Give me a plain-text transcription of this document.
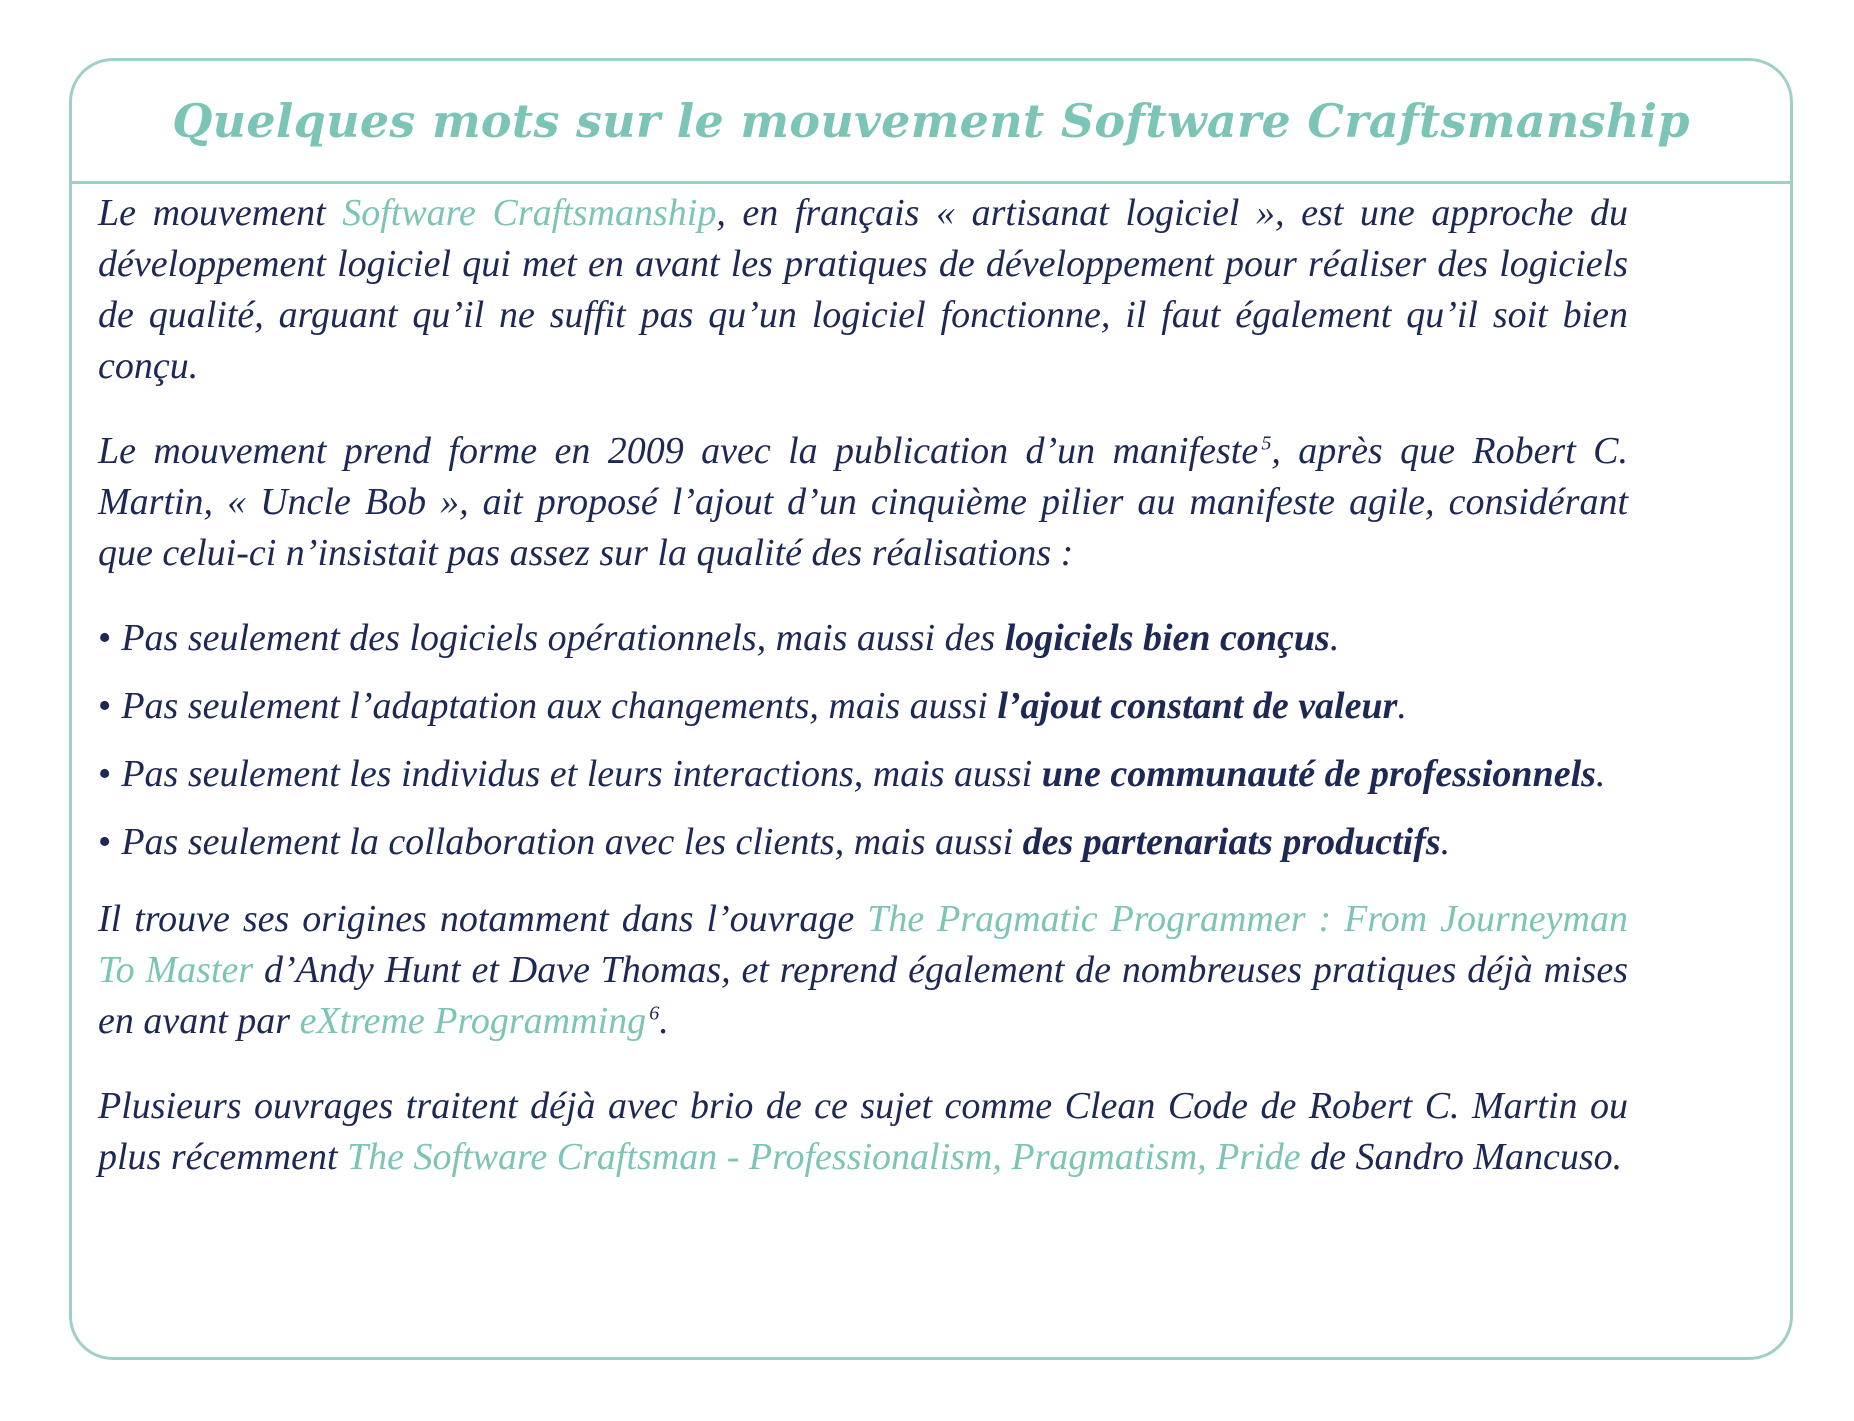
Quelques mots sur le mouvement Software Craftsmanship

Le mouvement Software Craftsmanship, en français « artisanat logiciel », est une approche du développement logiciel qui met en avant les pratiques de développement pour réaliser des logiciels de qualité, arguant qu’il ne suffit pas qu’un logiciel fonctionne, il faut également qu’il soit bien conçu.

Le mouvement prend forme en 2009 avec la publication d’un manifeste  $^5$, après que Robert C. Martin, « Uncle Bob », ait proposé l’ajout d’un cinquième pilier au manifeste agile, considérant que celui-ci n’insistait pas assez sur la qualité des réalisations :

• Pas seulement des logiciels opérationnels, mais aussi des logiciels bien conçus.
• Pas seulement l’adaptation aux changements, mais aussi l’ajout constant de valeur.
• Pas seulement les individus et leurs interactions, mais aussi une communauté de professionnels.
• Pas seulement la collaboration avec les clients, mais aussi des partenariats productifs.

Il trouve ses origines notamment dans l’ouvrage The Pragmatic Programmer : From Journeyman To Master d’Andy Hunt et Dave Thomas, et reprend également de nombreuses pratiques déjà mises en avant par eXtreme Programming  $^6$.

Plusieurs ouvrages traitent déjà avec brio de ce sujet comme Clean Code de Robert C. Martin ou plus récemment The Software Craftsman - Professionalism, Pragmatism, Pride de Sandro Mancuso.
